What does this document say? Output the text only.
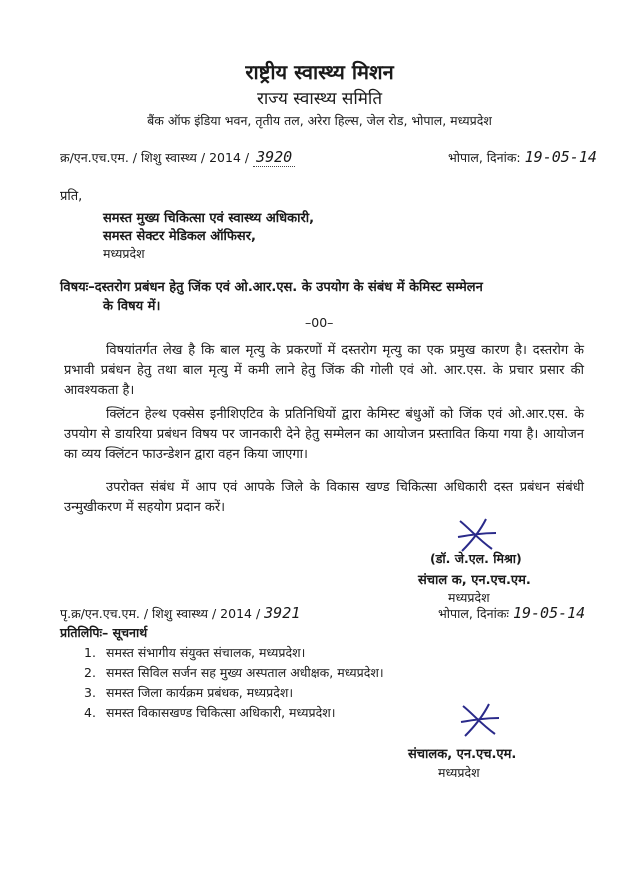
राष्ट्रीय स्वास्थ्य मिशन
राज्य स्वास्थ्य समिति
बैंक ऑफ इंडिया भवन, तृतीय तल, अरेरा हिल्स, जेल रोड, भोपाल, मध्यप्रदेश
क्र/एन.एच.एम. / शिशु स्वास्थ्य / 2014 / 3920	भोपाल, दिनांक: 19-05-14
प्रति,
समस्त मुख्य चिकित्सा एवं स्वास्थ्य अधिकारी,
समस्त सेक्टर मेडिकल ऑफिसर,
मध्यप्रदेश
विषयः–दस्तरोग प्रबंधन हेतु जिंक एवं ओ.आर.एस. के उपयोग के संबंध में केमिस्ट सम्मेलन
के विषय में।
–00–
विषयांतर्गत लेख है कि बाल मृत्यु के प्रकरणों में दस्तरोग मृत्यु का एक प्रमुख कारण है। दस्तरोग के प्रभावी प्रबंधन हेतु तथा बाल मृत्यु में कमी लाने हेतु जिंक की गोली एवं ओ. आर.एस. के प्रचार प्रसार की आवश्यकता है।
क्लिंटन हेल्थ एक्सेस इनीशिएटिव के प्रतिनिधियों द्वारा केमिस्ट बंधुओं को जिंक एवं ओ.आर.एस. के उपयोग से डायरिया प्रबंधन विषय पर जानकारी देने हेतु सम्मेलन का आयोजन प्रस्तावित किया गया है। आयोजन का व्यय क्लिंटन फाउन्डेशन द्वारा वहन किया जाएगा।
उपरोक्त संबंध में आप एवं आपके जिले के विकास खण्ड चिकित्सा अधिकारी दस्त प्रबंधन संबंधी उन्मुखीकरण में सहयोग प्रदान करें।
(डॉ. जे.एल. मिश्रा)
संचाल क, एन.एच.एम.
मध्यप्रदेश
पृ.क्र/एन.एच.एम. / शिशु स्वास्थ्य / 2014 / 3921	भोपाल, दिनांकः 19-05-14
प्रतिलिपिः– सूचनार्थ
1. समस्त संभागीय संयुक्त संचालक, मध्यप्रदेश।
2. समस्त सिविल सर्जन सह मुख्य अस्पताल अधीक्षक, मध्यप्रदेश।
3. समस्त जिला कार्यक्रम प्रबंधक, मध्यप्रदेश।
4. समस्त विकासखण्ड चिकित्सा अधिकारी, मध्यप्रदेश।
संचालक, एन.एच.एम.
मध्यप्रदेश
